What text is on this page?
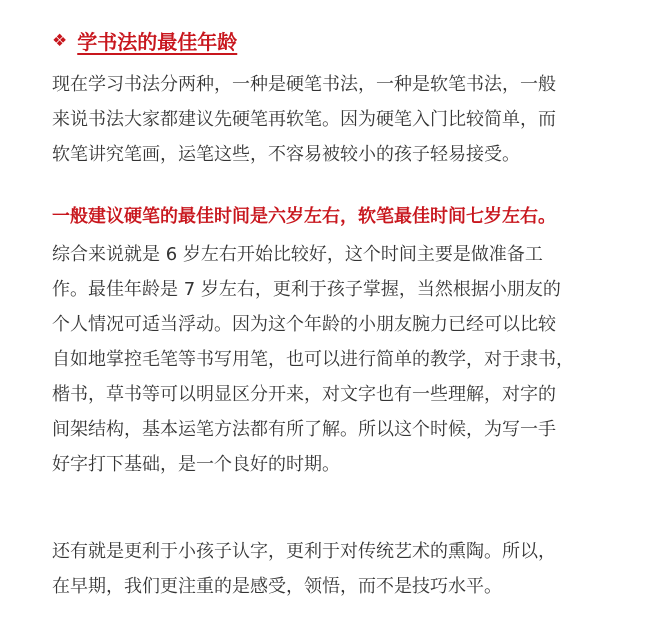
❖ 学书法的最佳年龄
现在学习书法分两种，一种是硬笔书法，一种是软笔书法，一般
来说书法大家都建议先硬笔再软笔。因为硬笔入门比较简单，而
软笔讲究笔画，运笔这些，不容易被较小的孩子轻易接受。
一般建议硬笔的最佳时间是六岁左右，软笔最佳时间七岁左右。
综合来说就是 6 岁左右开始比较好，这个时间主要是做准备工
作。最佳年龄是 7 岁左右，更利于孩子掌握，当然根据小朋友的
个人情况可适当浮动。因为这个年龄的小朋友腕力已经可以比较
自如地掌控毛笔等书写用笔，也可以进行简单的教学，对于隶书，
楷书，草书等可以明显区分开来，对文字也有一些理解，对字的
间架结构，基本运笔方法都有所了解。所以这个时候，为写一手
好字打下基础，是一个良好的时期。
还有就是更利于小孩子认字，更利于对传统艺术的熏陶。所以，
在早期，我们更注重的是感受，领悟，而不是技巧水平。
